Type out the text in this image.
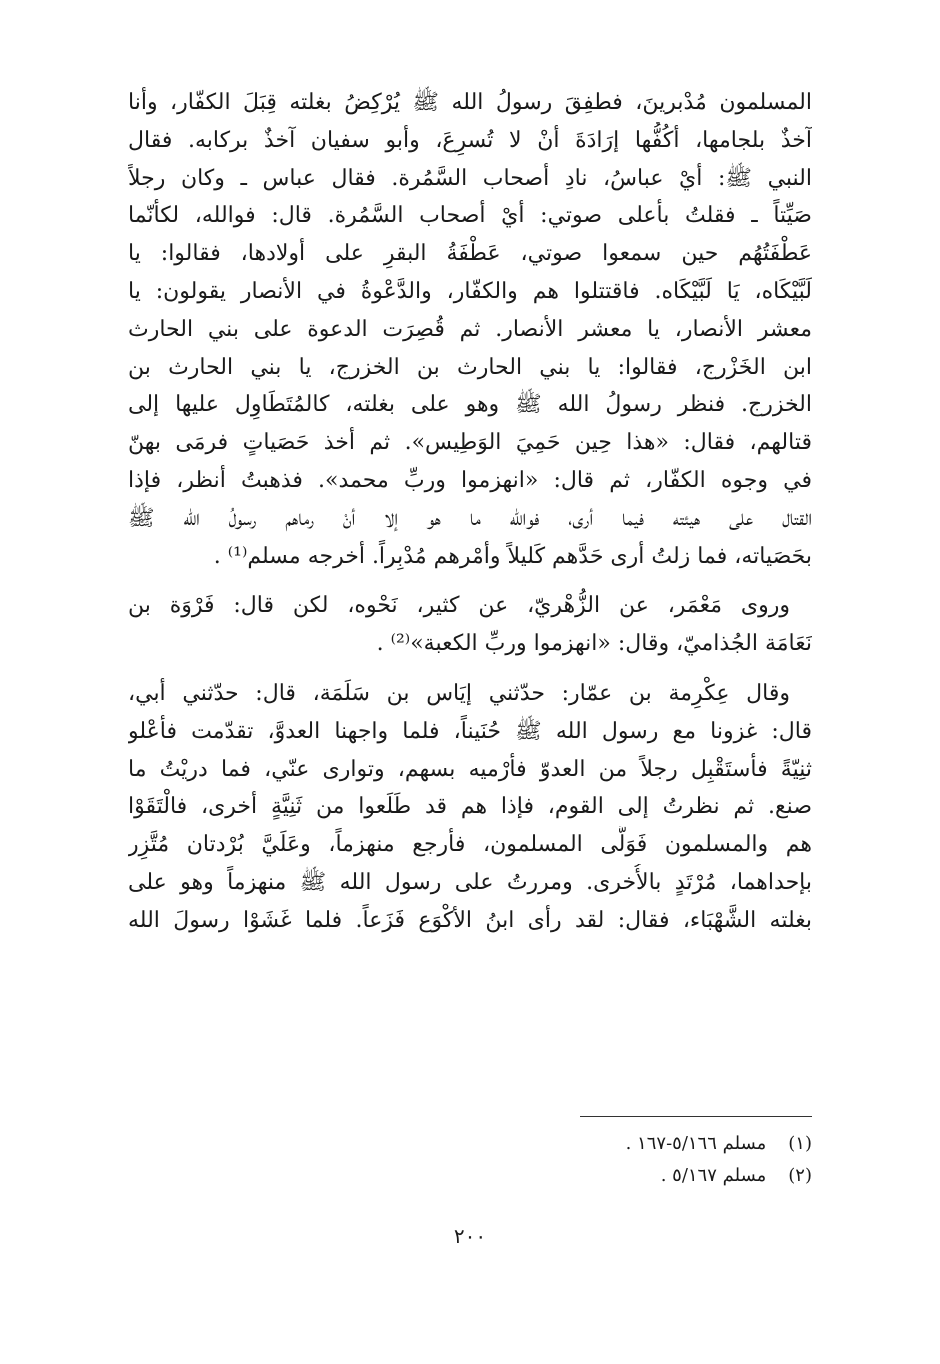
المسلمون مُدْبرينَ، فطفِقَ رسولُ الله ﷺ يُرْكِضُ بغلته قِبَلَ الكفّار، وأنا
آخذٌ بلجامها، أكُفُّها إرَادَةَ أنْ لا تُسرِعَ، وأبو سفيان آخذٌ بركابه. فقال
النبي ﷺ: أيْ عباسُ، نادِ أصحاب السَّمُرة. فقال عباس ـ وكان رجلاً
صَيِّتاً ـ فقلتُ بأعلى صوتي: أيْ أصحاب السَّمُرة. قال: فوالله، لكأنّما
عَطْفَتُهُم حين سمعوا صوتي، عَطْفَةُ البقرِ على أولادها، فقالوا: يا
لَبَّيْكَاه، يَا لَبَّيْكَاه. فاقتتلوا هم والكفّار، والدَّعْوةُ في الأنصار يقولون: يا
معشر الأنصار، يا معشر الأنصار. ثم قُصِرَت الدعوة على بني الحارث
ابن الخَزْرج، فقالوا: يا بني الحارث بن الخزرج، يا بني الحارث بن
الخزرج. فنظر رسولُ الله ﷺ وهو على بغلته، كالمُتَطَاوِل عليها إلى
قتالهم، فقال: «هذا حِين حَمِيَ الوَطِيس». ثم أخذ حَصَياتٍ فرمَى بهنّ
في وجوه الكفّار، ثم قال: «انهزموا وربِّ محمد». فذهبتُ أنظر، فإذا
القتال على هيئته فيما أرى، فوالله ما هو إلا أنْ رماهم رسولُ الله ﷺ
بحَصَياته، فما زلتُ أرى حَدَّهم كَليلاً وأمْرهم مُدْبِراً. أخرجه مسلم⁽¹⁾ .
وروى مَعْمَر، عن الزُّهْريّ، عن كثير، نَحْوه، لكن قال: فَرْوَة بن
نَعَامَة الجُذاميّ، وقال: «انهزموا وربِّ الكعبة»⁽²⁾ .
وقال عِكْرِمة بن عمّار: حدّثني إيَاس بن سَلَمَة، قال: حدّثني أبي،
قال: غزونا مع رسول الله ﷺ حُنَيناً، فلما واجهنا العدوَّ، تقدّمت فأعْلو
ثنِيّةً فأستَقْبِل رجلاً من العدوّ فأرْميه بسهم، وتوارى عنّي، فما دريْتُ ما
صنع. ثم نظرتُ إلى القوم، فإذا هم قد طَلَعوا من ثَنِيَّةٍ أخرى، فالْتَقَوْا
هم والمسلمون فَوَلَّى المسلمون، فأرجع منهزماً، وعَلَيَّ بُرْدتان مُتَّزِر
بإحداهما، مُرْتَدٍ بالأُخرى. ومررتُ على رسول الله ﷺ منهزماً وهو على
بغلته الشَّهْبَاء، فقال: لقد رأى ابنُ الأكْوَع فَزَعاً. فلما غَشَوْا رسولَ الله
(١) مسلم ٥/١٦٦-١٦٧ .
(٢) مسلم ٥/١٦٧ .
٢٠٠
